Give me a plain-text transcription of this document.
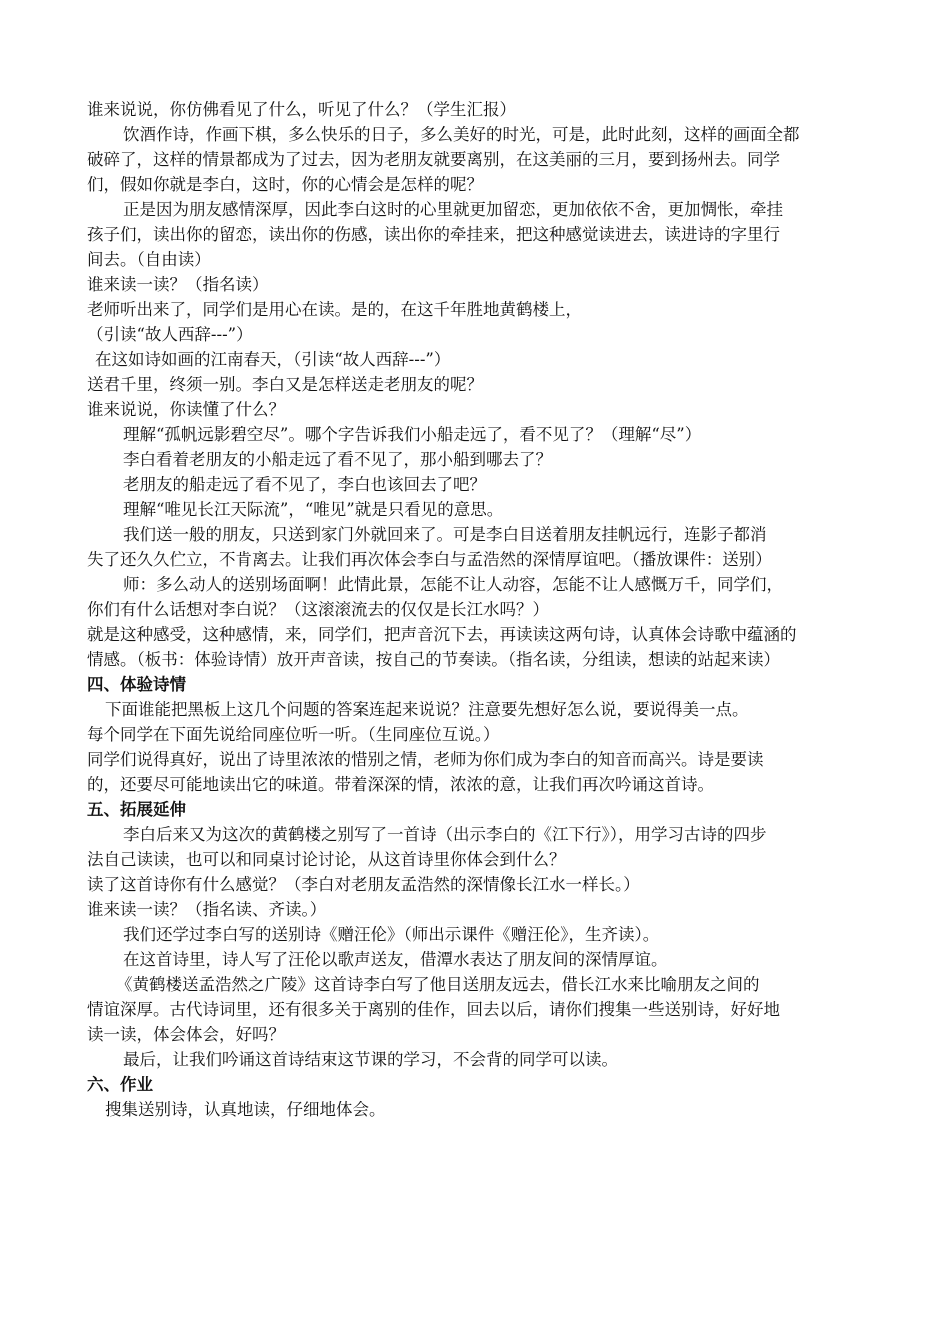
谁来说说，你仿佛看见了什么，听见了什么？（学生汇报）
饮酒作诗，作画下棋，多么快乐的日子，多么美好的时光，可是，此时此刻，这样的画面全都
破碎了，这样的情景都成为了过去，因为老朋友就要离别，在这美丽的三月，要到扬州去。同学
们，假如你就是李白，这时，你的心情会是怎样的呢？
正是因为朋友感情深厚，因此李白这时的心里就更加留恋，更加依依不舍，更加惆怅，牵挂
孩子们，读出你的留恋，读出你的伤感，读出你的牵挂来，把这种感觉读进去，读进诗的字里行
间去。（自由读）
谁来读一读？（指名读）
老师听出来了，同学们是用心在读。是的，在这千年胜地黄鹤楼上，
（引读“故人西辞---”）
在这如诗如画的江南春天，（引读“故人西辞---”）
送君千里，终须一别。李白又是怎样送走老朋友的呢？
谁来说说，你读懂了什么？
理解“孤帆远影碧空尽”。哪个字告诉我们小船走远了，看不见了？（理解“尽”）
李白看着老朋友的小船走远了看不见了，那小船到哪去了？
老朋友的船走远了看不见了，李白也该回去了吧？
理解“唯见长江天际流”，“唯见”就是只看见的意思。
我们送一般的朋友，只送到家门外就回来了。可是李白目送着朋友挂帆远行，连影子都消
失了还久久伫立，不肯离去。让我们再次体会李白与孟浩然的深情厚谊吧。（播放课件：送别）
师：多么动人的送别场面啊！此情此景，怎能不让人动容，怎能不让人感慨万千，同学们，
你们有什么话想对李白说？（这滚滚流去的仅仅是长江水吗？）
就是这种感受，这种感情，来，同学们，把声音沉下去，再读读这两句诗，认真体会诗歌中蕴涵的
情感。（板书：体验诗情）放开声音读，按自己的节奏读。（指名读，分组读，想读的站起来读）
四、体验诗情
下面谁能把黑板上这几个问题的答案连起来说说？注意要先想好怎么说，要说得美一点。
每个同学在下面先说给同座位听一听。（生同座位互说。）
同学们说得真好，说出了诗里浓浓的惜别之情，老师为你们成为李白的知音而高兴。诗是要读
的，还要尽可能地读出它的味道。带着深深的情，浓浓的意，让我们再次吟诵这首诗。
五、拓展延伸
李白后来又为这次的黄鹤楼之别写了一首诗（出示李白的《江下行》），用学习古诗的四步
法自己读读，也可以和同桌讨论讨论，从这首诗里你体会到什么？
读了这首诗你有什么感觉？（李白对老朋友孟浩然的深情像长江水一样长。）
谁来读一读？（指名读、齐读。）
我们还学过李白写的送别诗《赠汪伦》（师出示课件《赠汪伦》，生齐读）。
在这首诗里，诗人写了汪伦以歌声送友，借潭水表达了朋友间的深情厚谊。
《黄鹤楼送孟浩然之广陵》这首诗李白写了他目送朋友远去，借长江水来比喻朋友之间的
情谊深厚。古代诗词里，还有很多关于离别的佳作，回去以后，请你们搜集一些送别诗，好好地
读一读，体会体会，好吗？
最后，让我们吟诵这首诗结束这节课的学习，不会背的同学可以读。
六、作业
搜集送别诗，认真地读，仔细地体会。
